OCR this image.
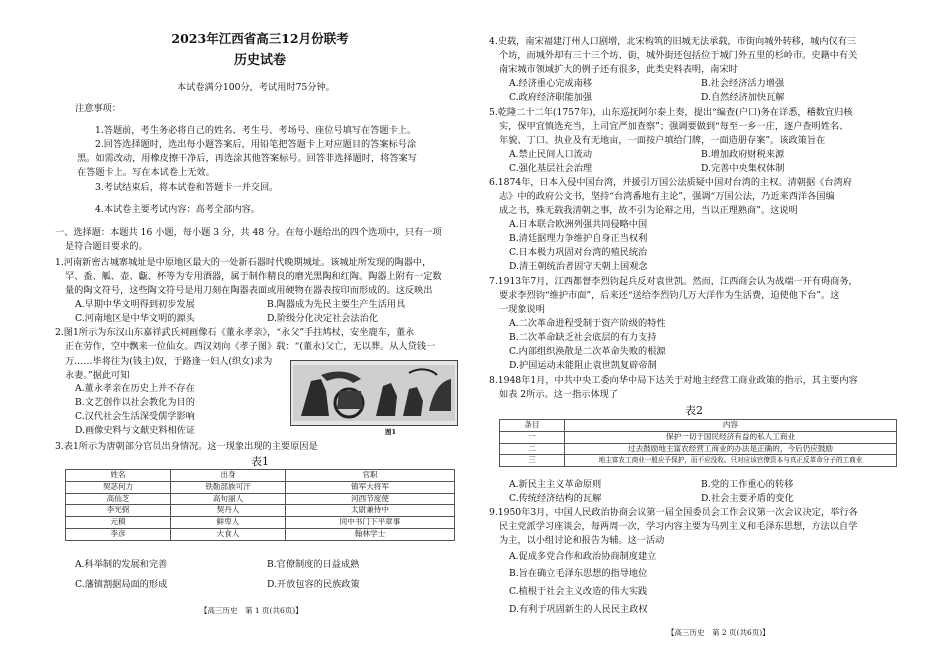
2023年江西省高三12月份联考
历史试卷
本试卷满分100分，考试用时75分钟。
注意事项：
1.答题前，考生务必将自己的姓名、考生号、考场号、座位号填写在答题卡上。
2.回答选择题时，选出每小题答案后，用铅笔把答题卡上对应题目的答案标号涂
黑。如需改动，用橡皮擦干净后，再选涂其他答案标号。回答非选择题时，将答案写
在答题卡上。写在本试卷上无效。
3.考试结束后，将本试卷和答题卡一并交回。
4.本试卷主要考试内容：高考全部内容。
一、选择题：本题共 16 小题，每小题 3 分，共 48 分。在每小题给出的四个选项中，只有一项
是符合题目要求的。
1.河南新密古城寨城址是中原地区最大的一处新石器时代晚期城址。该城址所发现的陶器中，
罕、盉、觚、壶、甗、杯等为专用酒器，属于制作精良的磨光黑陶和红陶。陶器上附有一定数
量的陶文符号，这些陶文符号是用刀刻在陶器表面或用硬物在器表按印而形成的。这反映出
A.早期中华文明得到初步发展	B.陶器成为先民主要生产生活用具
C.河南地区是中华文明的源头	D.阶级分化决定社会法治化
2.图1所示为东汉山东嘉祥武氏祠画像石《董永孝亲》，“永父”手拄鸠杖，安坐鹿车，董永
正在劳作，空中飘来一位仙女。西汉刘向《孝子图》载：“(董永)父亡，无以葬。从人贷钱一
万……毕将往为(钱主)奴，于路逢一妇人(织女)求为
永妻。”据此可知
A.董永孝亲在历史上并不存在
B.文艺创作以社会教化为目的
C.汉代社会生活深受儒学影响
D.画像史料与文献史料相佐证	图1
3.表1所示为唐朝部分官员出身情况。这一现象出现的主要原因是
表1
姓名	出身	官职
契苾何力	铁勒部族可汗	镇军大将军
高仙芝	高句丽人	河西节度使
李光弼	契丹人	太尉兼侍中
元稹	鲜卑人	同中书门下平章事
李彦	大食人	翰林学士
A.科举制的发展和完善	B.官僚制度的日益成熟
C.藩镇割据局面的形成	D.开放包容的民族政策
【高三历史　第 1 页(共6页)】
4.史载，南宋福建汀州人口剧增，北宋构筑的旧城无法承载，市街向城外转移，城内仅有三
个坊，而城外却有三十三个坊、街，城外街还包括位于城门外五里的杉岭市。史籍中有关
南宋城市领域扩大的例子还有很多，此类史料表明，南宋时
A.经济重心完成南移	B.社会经济活力增强
C.政府经济职能加强	D.自然经济加快瓦解
5.乾隆二十二年(1757年)，山东巡抚阿尔泰上奏，提出“编查(户口)务在详悉，稽数宜归核
实，保甲宜慎选充当，上司宜严加查察”；强调要做到“每至一乡一庄，逐户查明姓名、
年貌、丁口、执业及有无地亩，一面按户填给门牌，一面造册存案”。该政策旨在
A.禁止民间人口流动	B.增加政府财税来源
C.强化基层社会治理	D.完善中央集权体制
6.1874年，日本入侵中国台湾，并援引万国公法质疑中国对台湾的主权。清朝据《台湾府
志》中的政府公文书，坚持“台湾番地有主论”，强调“万国公法，乃近来西洋各国编
成之书，殊无载我清朝之事，故不引为论辩之用，当以正理熟商”。这说明
A.日本联合欧洲列强共同侵略中国
B.清廷据理力争维护自身正当权利
C.日本极力巩固对台湾的殖民统治
D.清王朝统治者固守天朝上国观念
7.1913年7月，江西都督李烈钧起兵反对袁世凯。然而，江西商会认为战端一开有碍商务，
要求李烈钧“维护市面”，后来还“送给李烈钧几万大洋作为生活费，迫使他下台”。这
一现象说明
A.二次革命进程受制于资产阶级的特性
B.二次革命缺乏社会底层的有力支持
C.内部组织涣散是二次革命失败的根源
D.护国运动未能阻止袁世凯复辟帝制
8.1948年1月，中共中央工委向华中局下达关于对地主经营工商业政策的指示，其主要内容
如表 2所示。这一指示体现了
表2
条目	内容
一	保护一切于国民经济有益的私人工商业
二	过去鼓励地主富农经营工商业的办法是正确的，今后仍应鼓励
三	地主富农工商业一般应予保护，而不应没收。只对应该官僚资本与真正反革命分子的工商业
A.新民主主义革命原则	B.党的工作重心的转移
C.传统经济结构的瓦解	D.社会主要矛盾的变化
9.1950年3月，中国人民政治协商会议第一届全国委员会工作会议第一次会议决定，举行各
民主党派学习座谈会，每两周一次，学习内容主要为马列主义和毛泽东思想，方法以自学
为主，以小组讨论和报告为辅。这一活动
A.促成多党合作和政治协商制度建立
B.旨在确立毛泽东思想的指导地位
C.植根于社会主义改造的伟大实践
D.有利于巩固新生的人民民主政权
【高三历史　第 2 页(共6页)】
